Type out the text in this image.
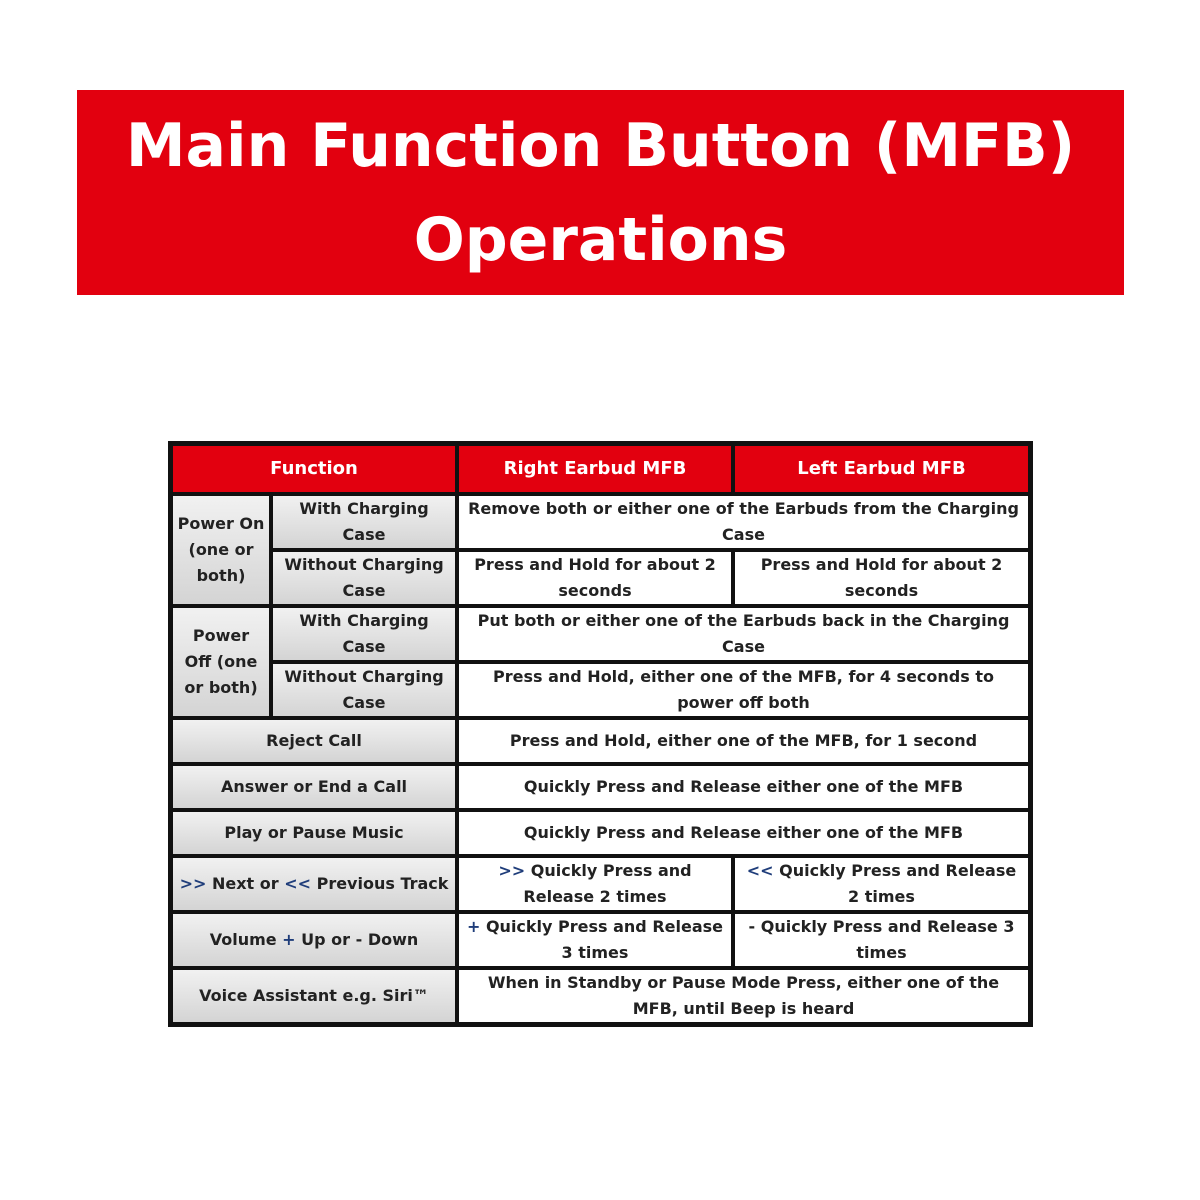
Main Function Button (MFB)
Operations
Function		Right Earbud MFB	Left Earbud MFB
Power On (one or both)	With Charging Case	Remove both or either one of the Earbuds from the Charging Case	
	Without Charging Case	Press and Hold for about 2 seconds	Press and Hold for about 2 seconds
Power Off (one or both)	With Charging Case	Put both or either one of the Earbuds back in the Charging Case	
	Without Charging Case	Press and Hold, either one of the MFB, for 4 seconds to power off both	
Reject Call		Press and Hold, either one of the MFB, for 1 second	
Answer or End a Call		Quickly Press and Release either one of the MFB	
Play or Pause Music		Quickly Press and Release either one of the MFB	
>> Next or << Previous Track		>> Quickly Press and Release 2 times	<< Quickly Press and Release 2 times
Volume + Up or - Down		+ Quickly Press and Release 3 times	- Quickly Press and Release 3 times
Voice Assistant e.g. Siri™		When in Standby or Pause Mode Press, either one of the MFB, until Beep is heard	
